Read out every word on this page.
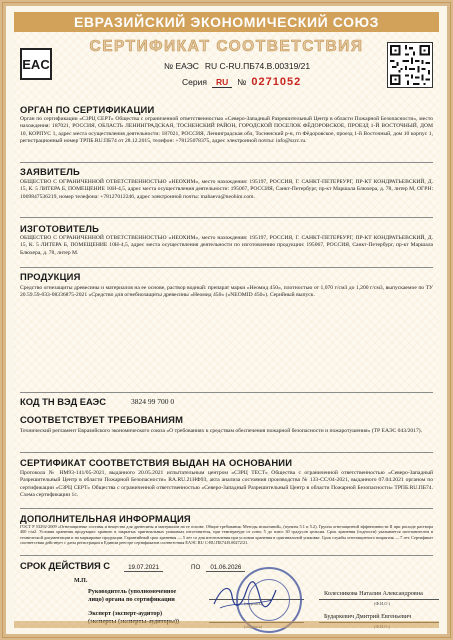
ЕВРАЗИЙСКИЙ ЭКОНОМИЧЕСКИЙ СОЮЗ
СЕРТИФИКАТ СООТВЕТСТВИЯ
EAC	№ ЕАЭС RU С-RU.ПБ74.В.00319/21
Серия	RU	№ 0271052
ОРГАН ПО СЕРТИФИКАЦИИ
Орган по сертификации «СЗРЦ СЕРТ» Общества с ограниченной ответственностью «Северо-Западный Разрешительный Центр в области Пожарной Безопасности», место нахождения: 187021, РОССИЯ, ОБЛАСТЬ ЛЕНИНГРАДСКАЯ, ТОСНЕНСКИЙ РАЙОН, ГОРОДСКОЙ ПОСЕЛОК ФЁДОРОВСКОЕ, ПРОЕЗД 1-Й ВОСТОЧНЫЙ, ДОМ 10, КОРПУС 1, адрес места осуществления деятельности: 187021, РОССИЯ, Ленинградская обл, Тосненский р-н, гп Фёдоровское, проезд 1-й Восточный, дом 10 корпус 1, регистрационный номер ТРПБ.RU.ПБ74 от 28.12.2015, телефон: +78125078375, адрес электронной почты: info@szrc.ru.
ЗАЯВИТЕЛЬ
ОБЩЕСТВО С ОГРАНИЧЕННОЙ ОТВЕТСТВЕННОСТЬЮ «НЕОХИМ», место нахождения: 195197, РОССИЯ, Г. САНКТ-ПЕТЕРБУРГ, ПР-КТ КОНДРАТЬЕВСКИЙ, Д. 15, К. 5 ЛИТЕРА Б, ПОМЕЩЕНИЕ 10Н-4,5, адрес места осуществления деятельности: 195067, РОССИЯ, Санкт-Петербург, пр-кт Маршала Блюхера, д. 78, литер М, ОГРН: 1069847536219, номер телефона: +78127012246, адрес электронной почты: mahaeva@neohim.com.
ИЗГОТОВИТЕЛЬ
ОБЩЕСТВО С ОГРАНИЧЕННОЙ ОТВЕТСТВЕННОСТЬЮ «НЕОХИМ», место нахождения: 195197, РОССИЯ, Г. САНКТ-ПЕТЕРБУРГ, ПР-КТ КОНДРАТЬЕВСКИЙ, Д. 15, К. 5 ЛИТЕРА Б, ПОМЕЩЕНИЕ 10Н-4,5, адрес места осуществления деятельности по изготовлению продукции: 195067, РОССИЯ, Санкт-Петербург, пр-кт Маршала Блюхера, д. 78, литер М.
ПРОДУКЦИЯ
Средство огнезащиты древесины и материалов на ее основе, раствор водный: препарат марки «Неомид 450», плотностью от 1,070 г/см3 до 1,200 г/см3, выпускаемое по ТУ 20.59.59-033-08336875-2021 «Средство для огнебиозащиты древесины «Неомид 450» («NEOMID 450»). Серийный выпуск.
КОД ТН ВЭД ЕАЭС	3824 99 700 0
СООТВЕТСТВУЕТ ТРЕБОВАНИЯМ
Технический регламент Евразийского экономического союза «О требованиях к средствам обеспечения пожарной безопасности и пожаротушения» (ТР ЕАЭС 043/2017).
СЕРТИФИКАТ СООТВЕТСТВИЯ ВЫДАН НА ОСНОВАНИИ
Протокола № НМ93-141/05-2021, выданного 20.05.2021 испытательным центром «СЗРЦ ТЕСТ» Общества с ограниченной ответственностью «Северо-Западный Разрешительный Центр в области Пожарной Безопасности» RA.RU.21НФ93, акта анализа состояния производства № 133-СС/04-2021, выданного 07.04.2021 органом по сертификации «СЗРЦ СЕРТ» Общества с ограниченной ответственностью «Северо-Западный Разрешительный Центр в области Пожарной Безопасности» ТРПБ.RU.ПБ74. Схема сертификации 1с.
ДОПОЛНИТЕЛЬНАЯ ИНФОРМАЦИЯ
ГОСТ Р 53292-2009 «Огнезащитные составы и вещества для древесины и материалов на ее основе. Общие требования. Методы испытаний», (пункты 5.1 и 5.2). Группа огнезащитной эффективности II при расходе раствора 400 г/м2. Условия хранения продукции: хранить в закрытых оригинальных упаковках изготовителя, при температуре от плюс 5 до плюс 30 градусов цельсия. Срок хранения (годности) указывается изготовителем в технической документации и на маркировке продукции. Гарантийный срок хранения — 5 лет со дня изготовления при условии хранения в оригинальной упаковке. Срок службы огнезащитного покрытия — 7 лет. Сертификат соответствия действует с даты регистрации в Едином реестре сертификатов соответствия ЕАЭС RU С-RU.ПБ74.В.00272/21.
СРОК ДЕЙСТВИЯ С	19.07.2021	ПО	01.06.2026
М.П.
Руководитель (уполномоченное
лицо) органа по сертификации
(подпись)
Колесникова Наталия Александровна
(Ф.И.О.)
Эксперт (эксперт-аудитор)	Бударкевич Дмитрий Евгеньевич
